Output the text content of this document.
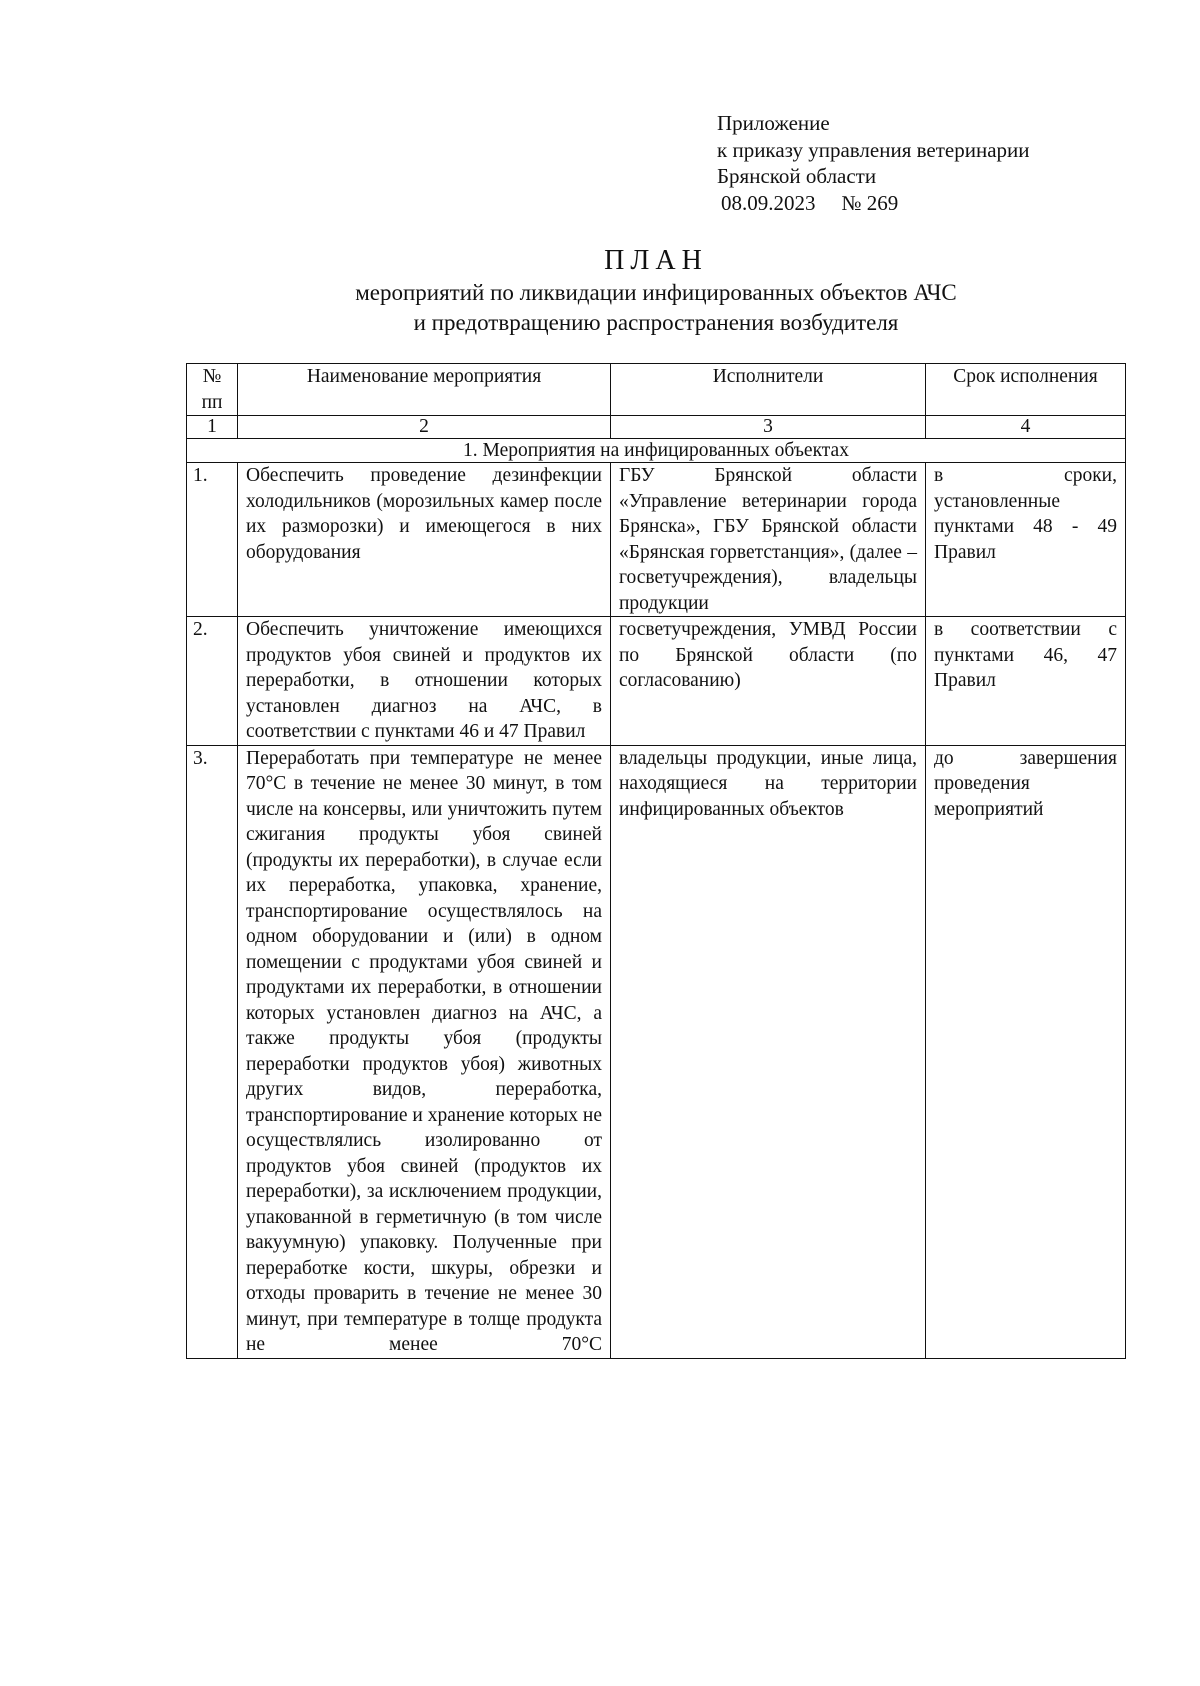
Приложение
к приказу управления ветеринарии
Брянской области
08.09.2023 № 269
ПЛАН
мероприятий по ликвидации инфицированных объектов АЧС
и предотвращению распространения возбудителя
№ пп	Наименование мероприятия	Исполнители	Срок исполнения
1	2	3	4
1. Мероприятия на инфицированных объектах			
1.	Обеспечить проведение дезинфекции холодильников (морозильных камер после их разморозки) и имеющегося в них оборудования	ГБУ Брянской области «Управление ветеринарии города Брянска», ГБУ Брянской области «Брянская горветстанция», (далее – госветучреждения), владельцы продукции	в сроки, установленные пунктами 48 - 49 Правил
2.	Обеспечить уничтожение имеющихся продуктов убоя свиней и продуктов их переработки, в отношении которых установлен диагноз на АЧС, в соответствии с пунктами 46 и 47 Правил	госветучреждения, УМВД России по Брянской области (по согласованию)	в соответствии с пунктами 46, 47 Правил
3.	Переработать при температуре не менее 70°С в течение не менее 30 минут, в том числе на консервы, или уничтожить путем сжигания продукты убоя свиней (продукты их переработки), в случае если их переработка, упаковка, хранение, транспортирование осуществлялось на одном оборудовании и (или) в одном помещении с продуктами убоя свиней и продуктами их переработки, в отношении которых установлен диагноз на АЧС, а также продукты убоя (продукты переработки продуктов убоя) животных других видов, переработка, транспортирование и хранение которых не осуществлялись изолированно от продуктов убоя свиней (продуктов их переработки), за исключением продукции, упакованной в герметичную (в том числе вакуумную) упаковку. Полученные при переработке кости, шкуры, обрезки и отходы проварить в течение не менее 30 минут, при температуре в толще продукта не менее 70°С	владельцы продукции, иные лица, находящиеся на территории инфицированных объектов	до завершения проведения мероприятий
